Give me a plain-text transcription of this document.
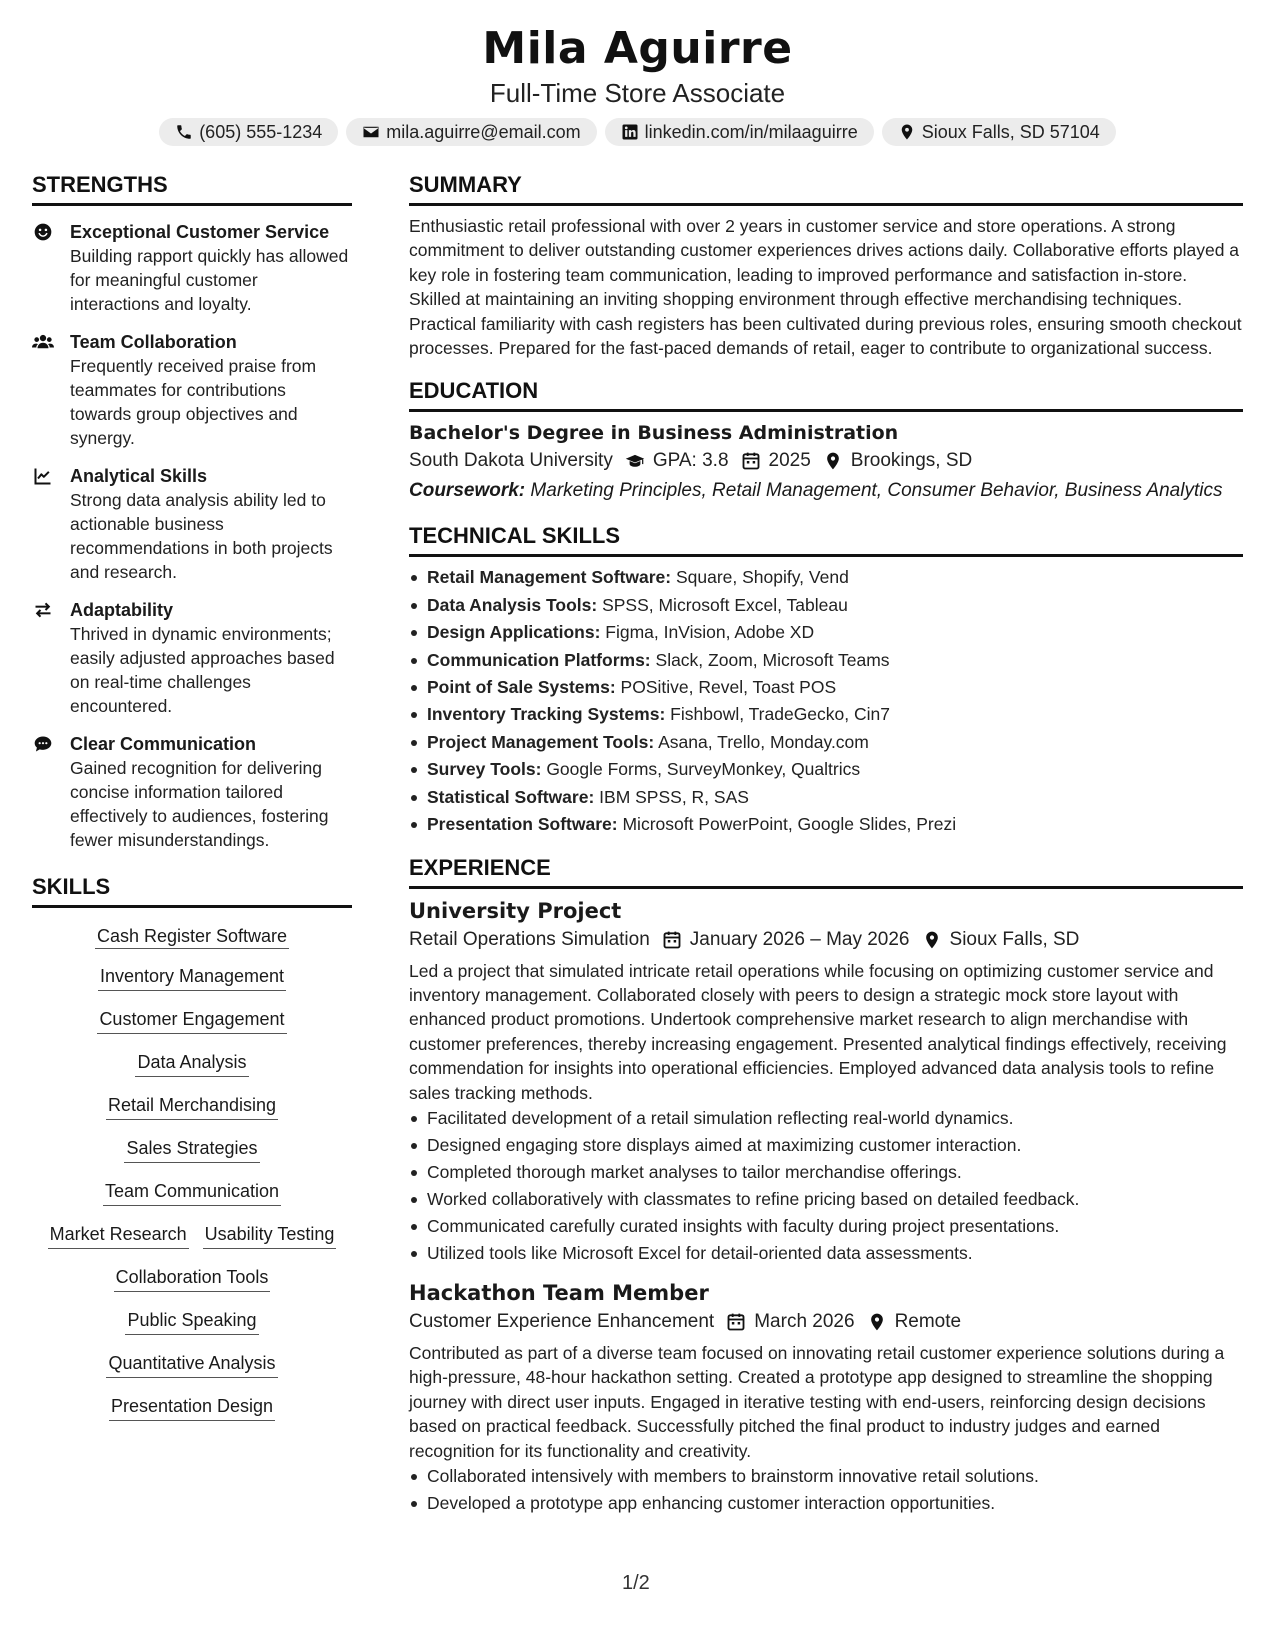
Mila Aguirre
Full-Time Store Associate
(605) 555-1234	mila.aguirre@email.com	linkedin.com/in/milaaguirre	Sioux Falls, SD 57104
STRENGTHS
Exceptional Customer Service
Building rapport quickly has allowed for meaningful customer interactions and loyalty.
Team Collaboration
Frequently received praise from teammates for contributions towards group objectives and synergy.
Analytical Skills
Strong data analysis ability led to actionable business recommendations in both projects and research.
Adaptability
Thrived in dynamic environments; easily adjusted approaches based on real-time challenges encountered.
Clear Communication
Gained recognition for delivering concise information tailored effectively to audiences, fostering fewer misunderstandings.
SKILLS
Cash Register Software
Inventory Management
Customer Engagement
Data Analysis
Retail Merchandising
Sales Strategies
Team Communication
Market Research Usability Testing
Collaboration Tools
Public Speaking
Quantitative Analysis
Presentation Design
SUMMARY
Enthusiastic retail professional with over 2 years in customer service and store operations. A strong commitment to deliver outstanding customer experiences drives actions daily. Collaborative efforts played a key role in fostering team communication, leading to improved performance and satisfaction in-store. Skilled at maintaining an inviting shopping environment through effective merchandising techniques. Practical familiarity with cash registers has been cultivated during previous roles, ensuring smooth checkout processes. Prepared for the fast-paced demands of retail, eager to contribute to organizational success.
EDUCATION
Bachelor's Degree in Business Administration
South Dakota University GPA: 3.8 2025 Brookings, SD
Coursework: Marketing Principles, Retail Management, Consumer Behavior, Business Analytics
TECHNICAL SKILLS
Retail Management Software: Square, Shopify, Vend
Data Analysis Tools: SPSS, Microsoft Excel, Tableau
Design Applications: Figma, InVision, Adobe XD
Communication Platforms: Slack, Zoom, Microsoft Teams
Point of Sale Systems: POSitive, Revel, Toast POS
Inventory Tracking Systems: Fishbowl, TradeGecko, Cin7
Project Management Tools: Asana, Trello, Monday.com
Survey Tools: Google Forms, SurveyMonkey, Qualtrics
Statistical Software: IBM SPSS, R, SAS
Presentation Software: Microsoft PowerPoint, Google Slides, Prezi
EXPERIENCE
University Project
Retail Operations Simulation January 2026 – May 2026 Sioux Falls, SD
Led a project that simulated intricate retail operations while focusing on optimizing customer service and inventory management. Collaborated closely with peers to design a strategic mock store layout with enhanced product promotions. Undertook comprehensive market research to align merchandise with customer preferences, thereby increasing engagement. Presented analytical findings effectively, receiving commendation for insights into operational efficiencies. Employed advanced data analysis tools to refine sales tracking methods.
Facilitated development of a retail simulation reflecting real-world dynamics.
Designed engaging store displays aimed at maximizing customer interaction.
Completed thorough market analyses to tailor merchandise offerings.
Worked collaboratively with classmates to refine pricing based on detailed feedback.
Communicated carefully curated insights with faculty during project presentations.
Utilized tools like Microsoft Excel for detail-oriented data assessments.
Hackathon Team Member
Customer Experience Enhancement March 2026 Remote
Contributed as part of a diverse team focused on innovating retail customer experience solutions during a high-pressure, 48-hour hackathon setting. Created a prototype app designed to streamline the shopping journey with direct user inputs. Engaged in iterative testing with end-users, reinforcing design decisions based on practical feedback. Successfully pitched the final product to industry judges and earned recognition for its functionality and creativity.
Collaborated intensively with members to brainstorm innovative retail solutions.
Developed a prototype app enhancing customer interaction opportunities.
1/2
